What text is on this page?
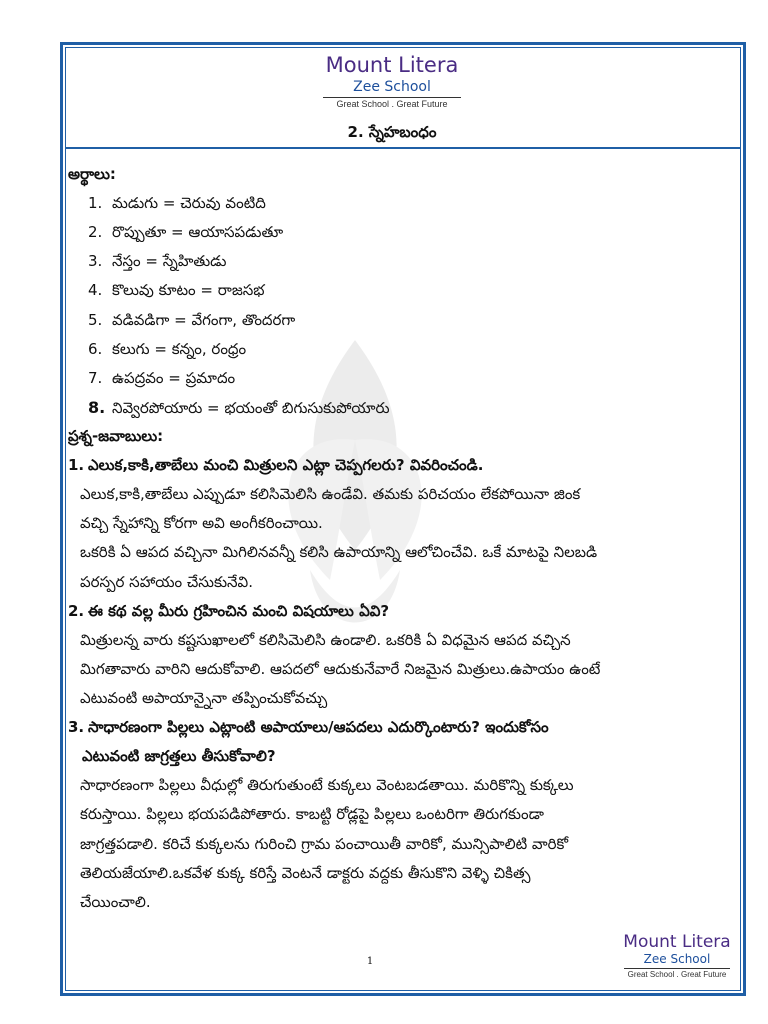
Mount Litera
Zee School
Great School . Great Future
2. స్నేహబంధం
అర్థాలు:
1. మడుగు = చెరువు వంటిది
2. రొప్పుతూ = ఆయాసపడుతూ
3. నేస్తం = స్నేహితుడు
4. కొలువు కూటం = రాజసభ
5. వడివడిగా = వేగంగా, తొందరగా
6. కలుగు = కన్నం, రంధ్రం
7. ఉపద్రవం = ప్రమాదం
8. నివ్వెరపోయారు = భయంతో బిగుసుకుపోయారు
ప్రశ్న-జవాబులు:
1. ఎలుక,కాకి,తాబేలు మంచి మిత్రులని ఎట్లా చెప్పగలరు? వివరించండి.
ఎలుక,కాకి,తాబేలు ఎప్పుడూ కలిసిమెలిసి ఉండేవి. తమకు పరిచయం లేకపోయినా జింక
వచ్చి స్నేహాన్ని కోరగా అవి అంగీకరించాయి.
ఒకరికి ఏ ఆపద వచ్చినా మిగిలినవన్నీ కలిసి ఉపాయాన్ని ఆలోచించేవి. ఒకే మాటపై నిలబడి
పరస్పర సహాయం చేసుకునేవి.
2. ఈ కథ వల్ల మీరు గ్రహించిన మంచి విషయాలు ఏవి?
మిత్రులన్న వారు కష్టసుఖాలలో కలిసిమెలిసి ఉండాలి. ఒకరికి ఏ విధమైన ఆపద వచ్చిన
మిగతావారు వారిని ఆదుకోవాలి. ఆపదలో ఆదుకునేవారే నిజమైన మిత్రులు.ఉపాయం ఉంటే
ఎటువంటి అపాయాన్నైనా తప్పించుకోవచ్చు
3. సాధారణంగా పిల్లలు ఎట్లాంటి అపాయాలు/ఆపదలు ఎదుర్కొంటారు? ఇందుకోసం
ఎటువంటి జాగ్రత్తలు తీసుకోవాలి?
సాధారణంగా పిల్లలు వీధుల్లో తిరుగుతుంటే కుక్కలు వెంటబడతాయి. మరికొన్ని కుక్కలు
కరుస్తాయి. పిల్లలు భయపడిపోతారు. కాబట్టి రోడ్లపై పిల్లలు ఒంటరిగా తిరుగకుండా
జాగ్రత్తపడాలి. కరిచే కుక్కలను గురించి గ్రామ పంచాయితీ వారికో, మున్సిపాలిటి వారికో
తెలియజేయాలి.ఒకవేళ కుక్క కరిస్తే వెంటనే డాక్టరు వద్దకు తీసుకొని వెళ్ళి చికిత్స
చేయించాలి.
1
Mount Litera
Zee School
Great School . Great Future
